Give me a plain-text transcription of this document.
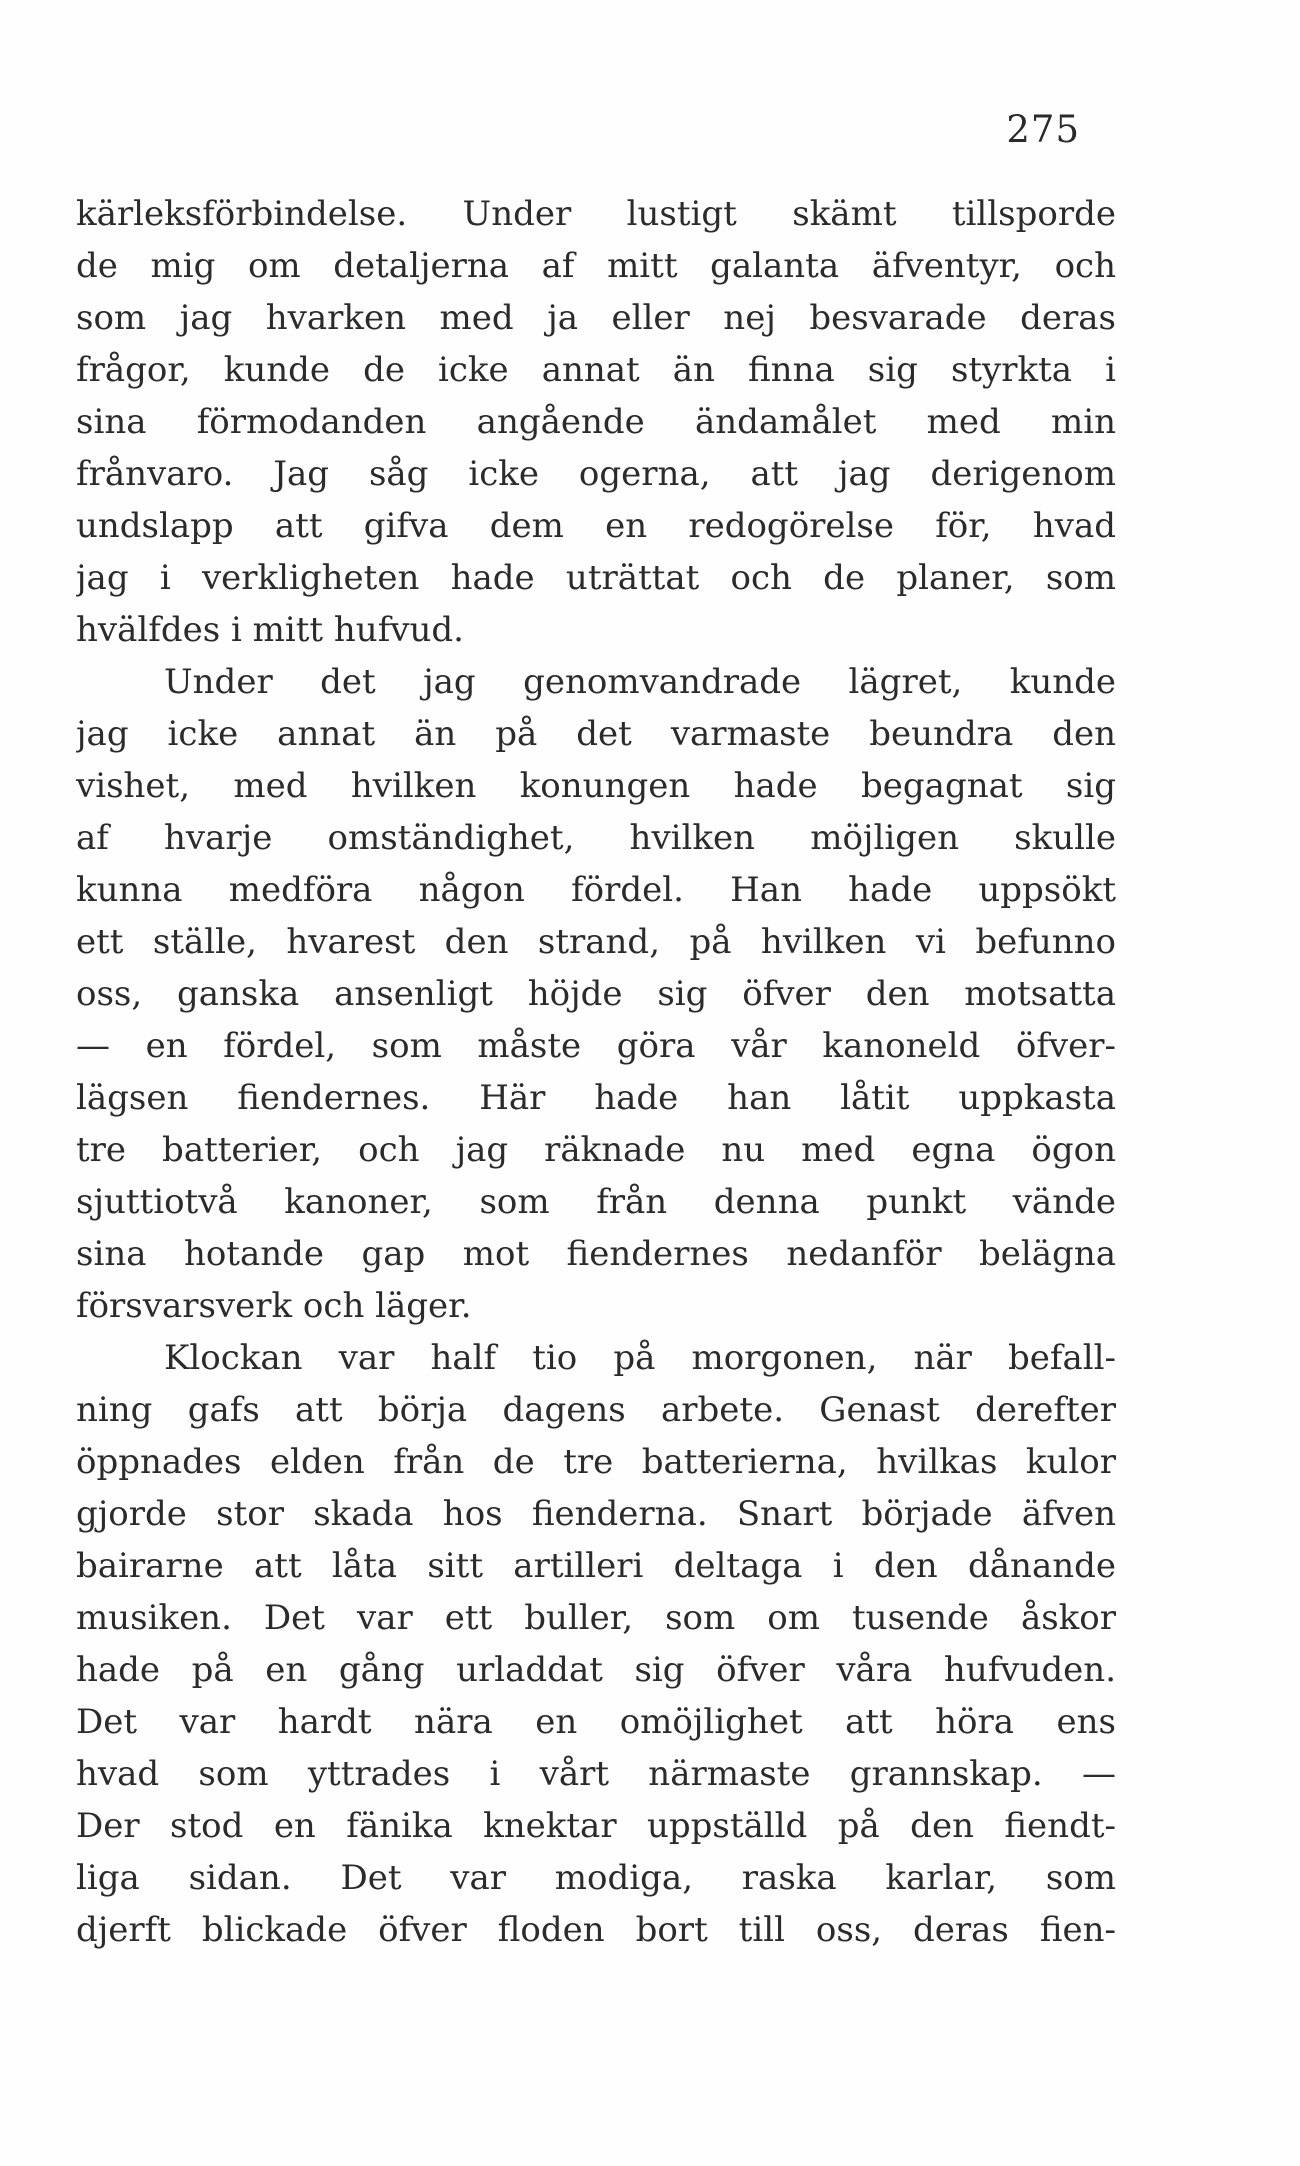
275
kärleksförbindelse. Under lustigt skämt tillsporde
de mig om detaljerna af mitt galanta äfventyr, och
som jag hvarken med ja eller nej besvarade deras
frågor, kunde de icke annat än finna sig styrkta i
sina förmodanden angående ändamålet med min
frånvaro. Jag såg icke ogerna, att jag derigenom
undslapp att gifva dem en redogörelse för, hvad
jag i verkligheten hade uträttat och de planer, som
hvälfdes i mitt hufvud.
Under det jag genomvandrade lägret, kunde
jag icke annat än på det varmaste beundra den
vishet, med hvilken konungen hade begagnat sig
af hvarje omständighet, hvilken möjligen skulle
kunna medföra någon fördel. Han hade uppsökt
ett ställe, hvarest den strand, på hvilken vi befunno
oss, ganska ansenligt höjde sig öfver den motsatta
— en fördel, som måste göra vår kanoneld öfver-
lägsen fiendernes. Här hade han låtit uppkasta
tre batterier, och jag räknade nu med egna ögon
sjuttiotvå kanoner, som från denna punkt vände
sina hotande gap mot fiendernes nedanför belägna
försvarsverk och läger.
Klockan var half tio på morgonen, när befall-
ning gafs att börja dagens arbete. Genast derefter
öppnades elden från de tre batterierna, hvilkas kulor
gjorde stor skada hos fienderna. Snart började äfven
bairarne att låta sitt artilleri deltaga i den dånande
musiken. Det var ett buller, som om tusende åskor
hade på en gång urladdat sig öfver våra hufvuden.
Det var hardt nära en omöjlighet att höra ens
hvad som yttrades i vårt närmaste grannskap. —
Der stod en fänika knektar uppställd på den fiendt-
liga sidan. Det var modiga, raska karlar, som
djerft blickade öfver floden bort till oss, deras fien-
